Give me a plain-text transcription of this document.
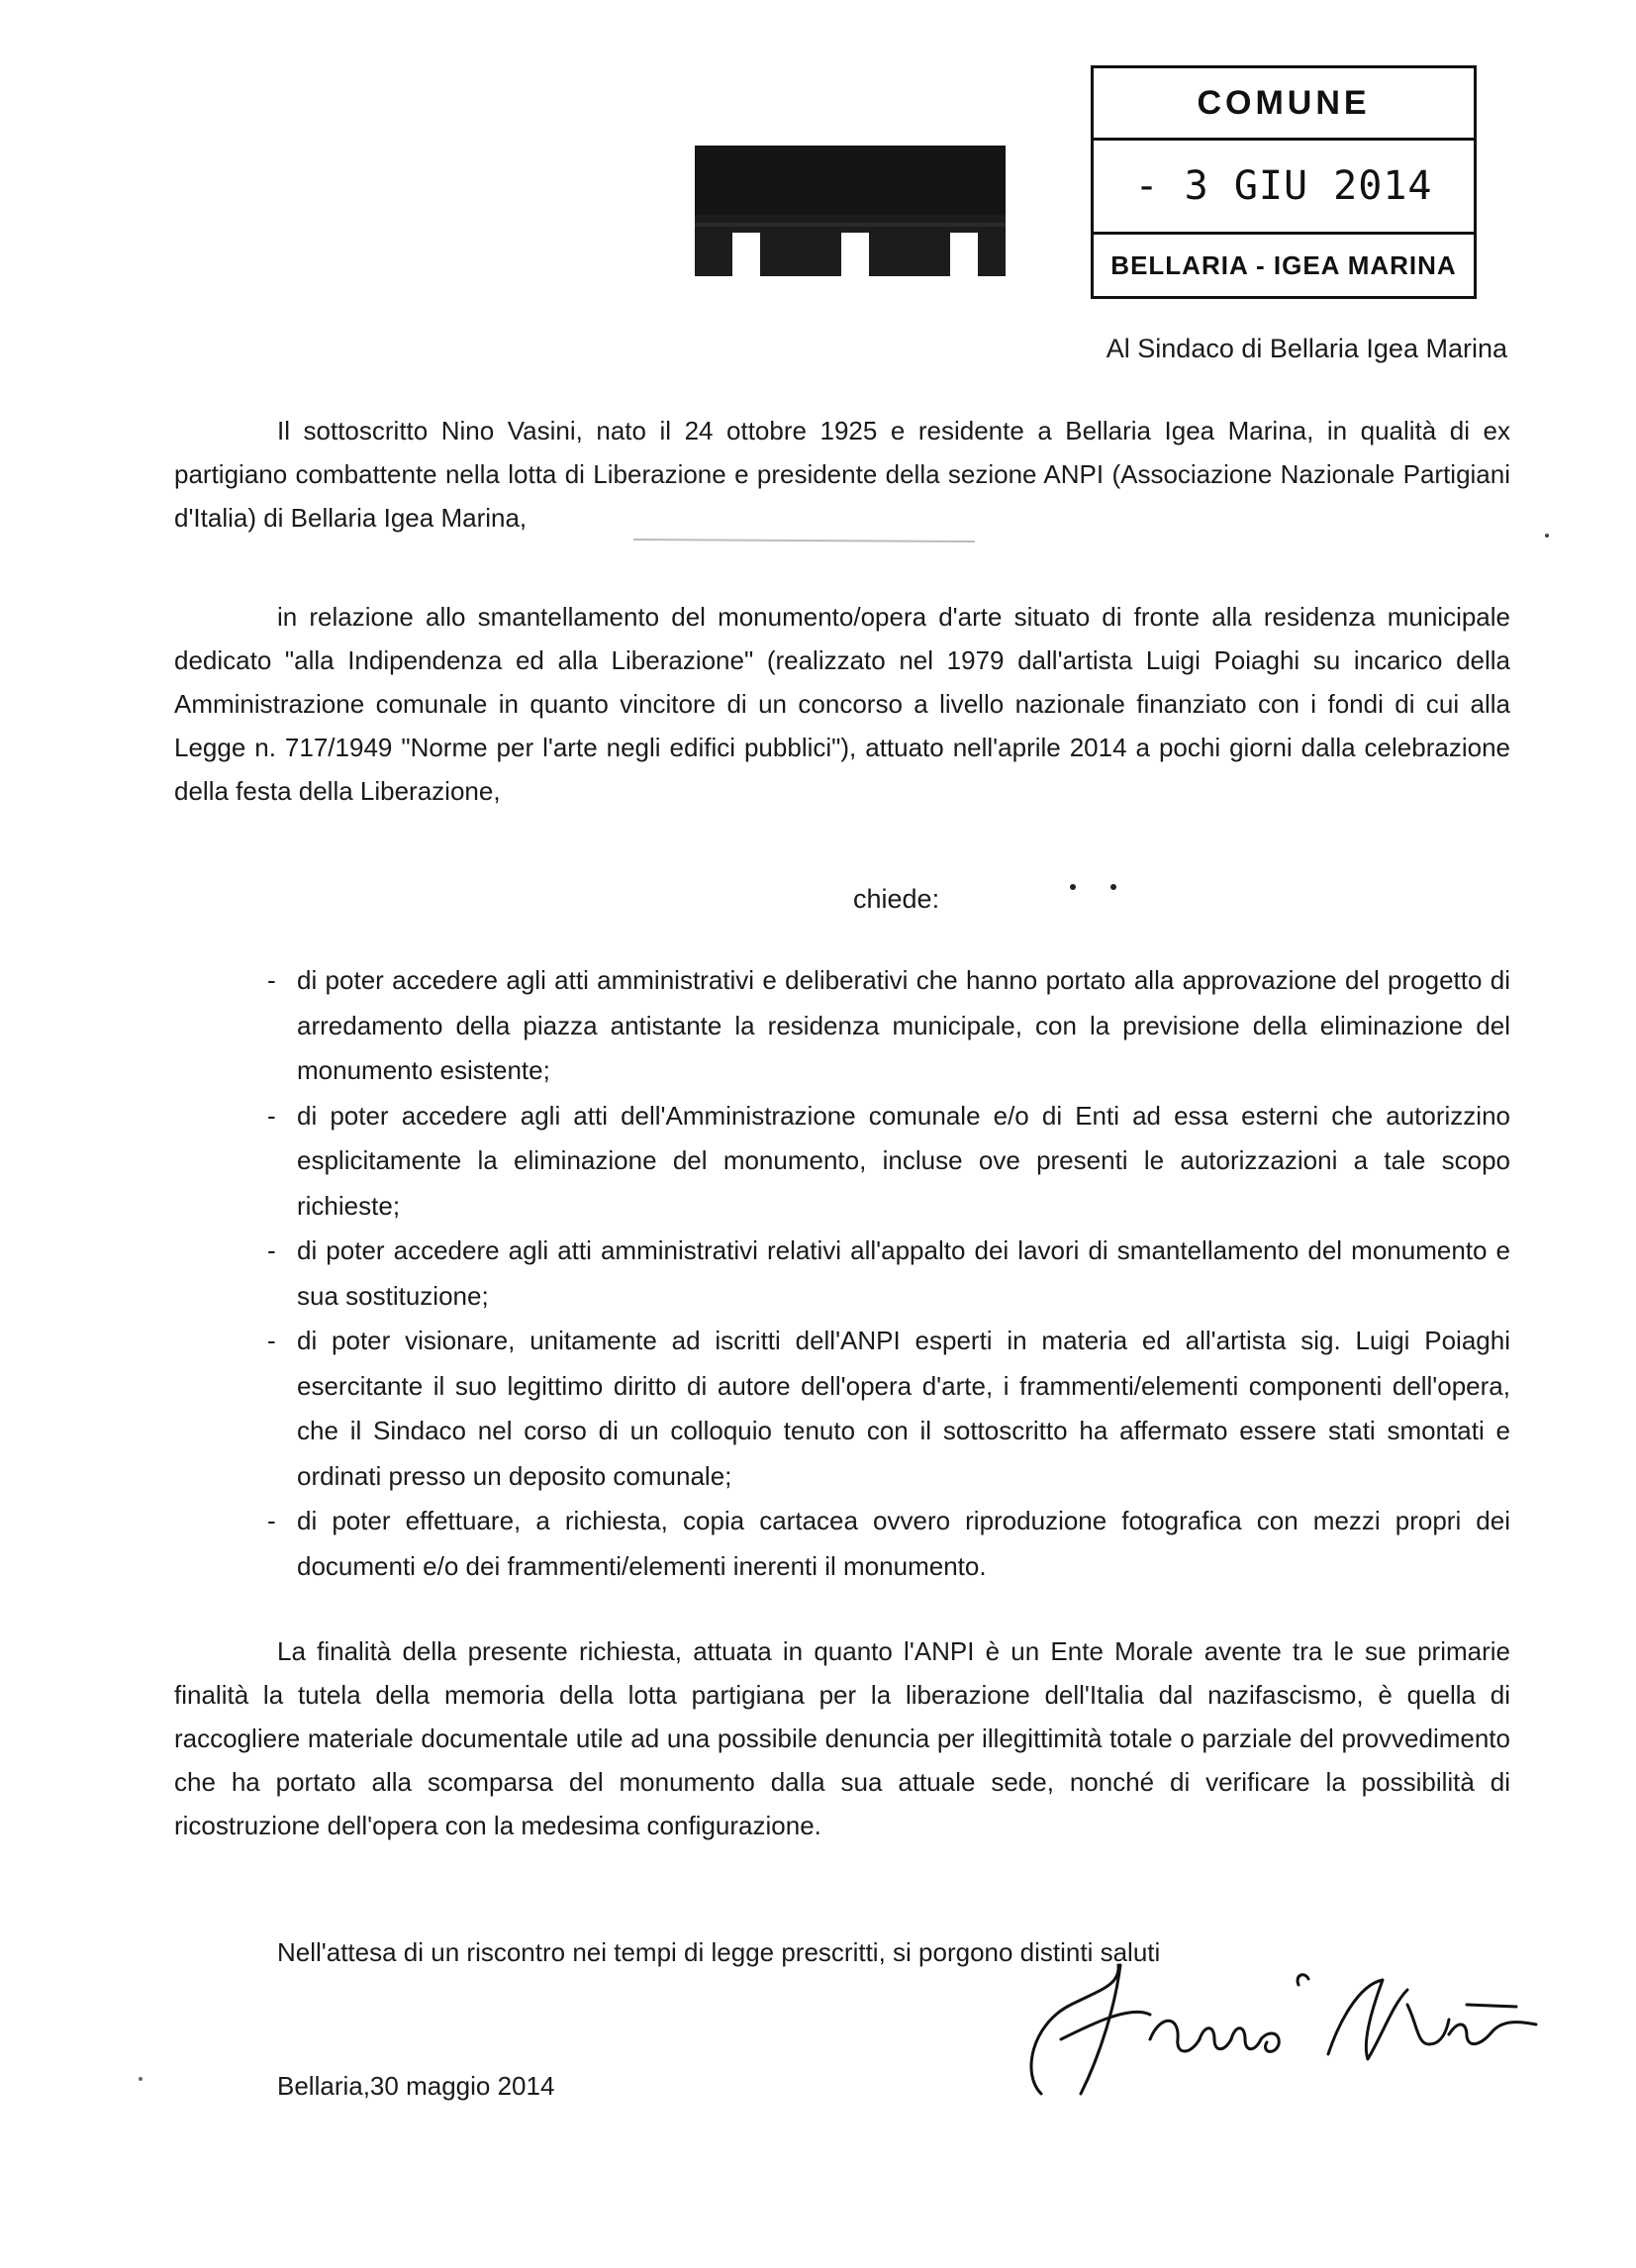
COMUNE
- 3 GIU 2014
BELLARIA - IGEA MARINA
Al Sindaco di Bellaria Igea Marina
Il sottoscritto Nino Vasini, nato il 24 ottobre 1925 e residente a Bellaria Igea Marina, in qualità di ex partigiano combattente nella lotta di Liberazione e presidente della sezione ANPI (Associazione Nazionale Partigiani d'Italia) di Bellaria Igea Marina,
in relazione allo smantellamento del monumento/opera d'arte situato di fronte alla residenza municipale dedicato "alla Indipendenza ed alla Liberazione" (realizzato nel 1979 dall'artista Luigi Poiaghi su incarico della Amministrazione comunale in quanto vincitore di un concorso a livello nazionale finanziato con i fondi di cui alla Legge n. 717/1949 "Norme per l'arte negli edifici pubblici"), attuato nell'aprile 2014 a pochi giorni dalla celebrazione della festa della Liberazione,
chiede:
- di poter accedere agli atti amministrativi e deliberativi che hanno portato alla approvazione del progetto di arredamento della piazza antistante la residenza municipale, con la previsione della eliminazione del monumento esistente;
- di poter accedere agli atti dell'Amministrazione comunale e/o di Enti ad essa esterni che autorizzino esplicitamente la eliminazione del monumento, incluse ove presenti le autorizzazioni a tale scopo richieste;
- di poter accedere agli atti amministrativi relativi all'appalto dei lavori di smantellamento del monumento e sua sostituzione;
- di poter visionare, unitamente ad iscritti dell'ANPI esperti in materia ed all'artista sig. Luigi Poiaghi esercitante il suo legittimo diritto di autore dell'opera d'arte, i frammenti/elementi componenti dell'opera, che il Sindaco nel corso di un colloquio tenuto con il sottoscritto ha affermato essere stati smontati e ordinati presso un deposito comunale;
- di poter effettuare, a richiesta, copia cartacea ovvero riproduzione fotografica con mezzi propri dei documenti e/o dei frammenti/elementi inerenti il monumento.
La finalità della presente richiesta, attuata in quanto l'ANPI è un Ente Morale avente tra le sue primarie finalità la tutela della memoria della lotta partigiana per la liberazione dell'Italia dal nazifascismo, è quella di raccogliere materiale documentale utile ad una possibile denuncia per illegittimità totale o parziale del provvedimento che ha portato alla scomparsa del monumento dalla sua attuale sede, nonché di verificare la possibilità di ricostruzione dell'opera con la medesima configurazione.
Nell'attesa di un riscontro nei tempi di legge prescritti, si porgono distinti saluti
Bellaria,30 maggio 2014
